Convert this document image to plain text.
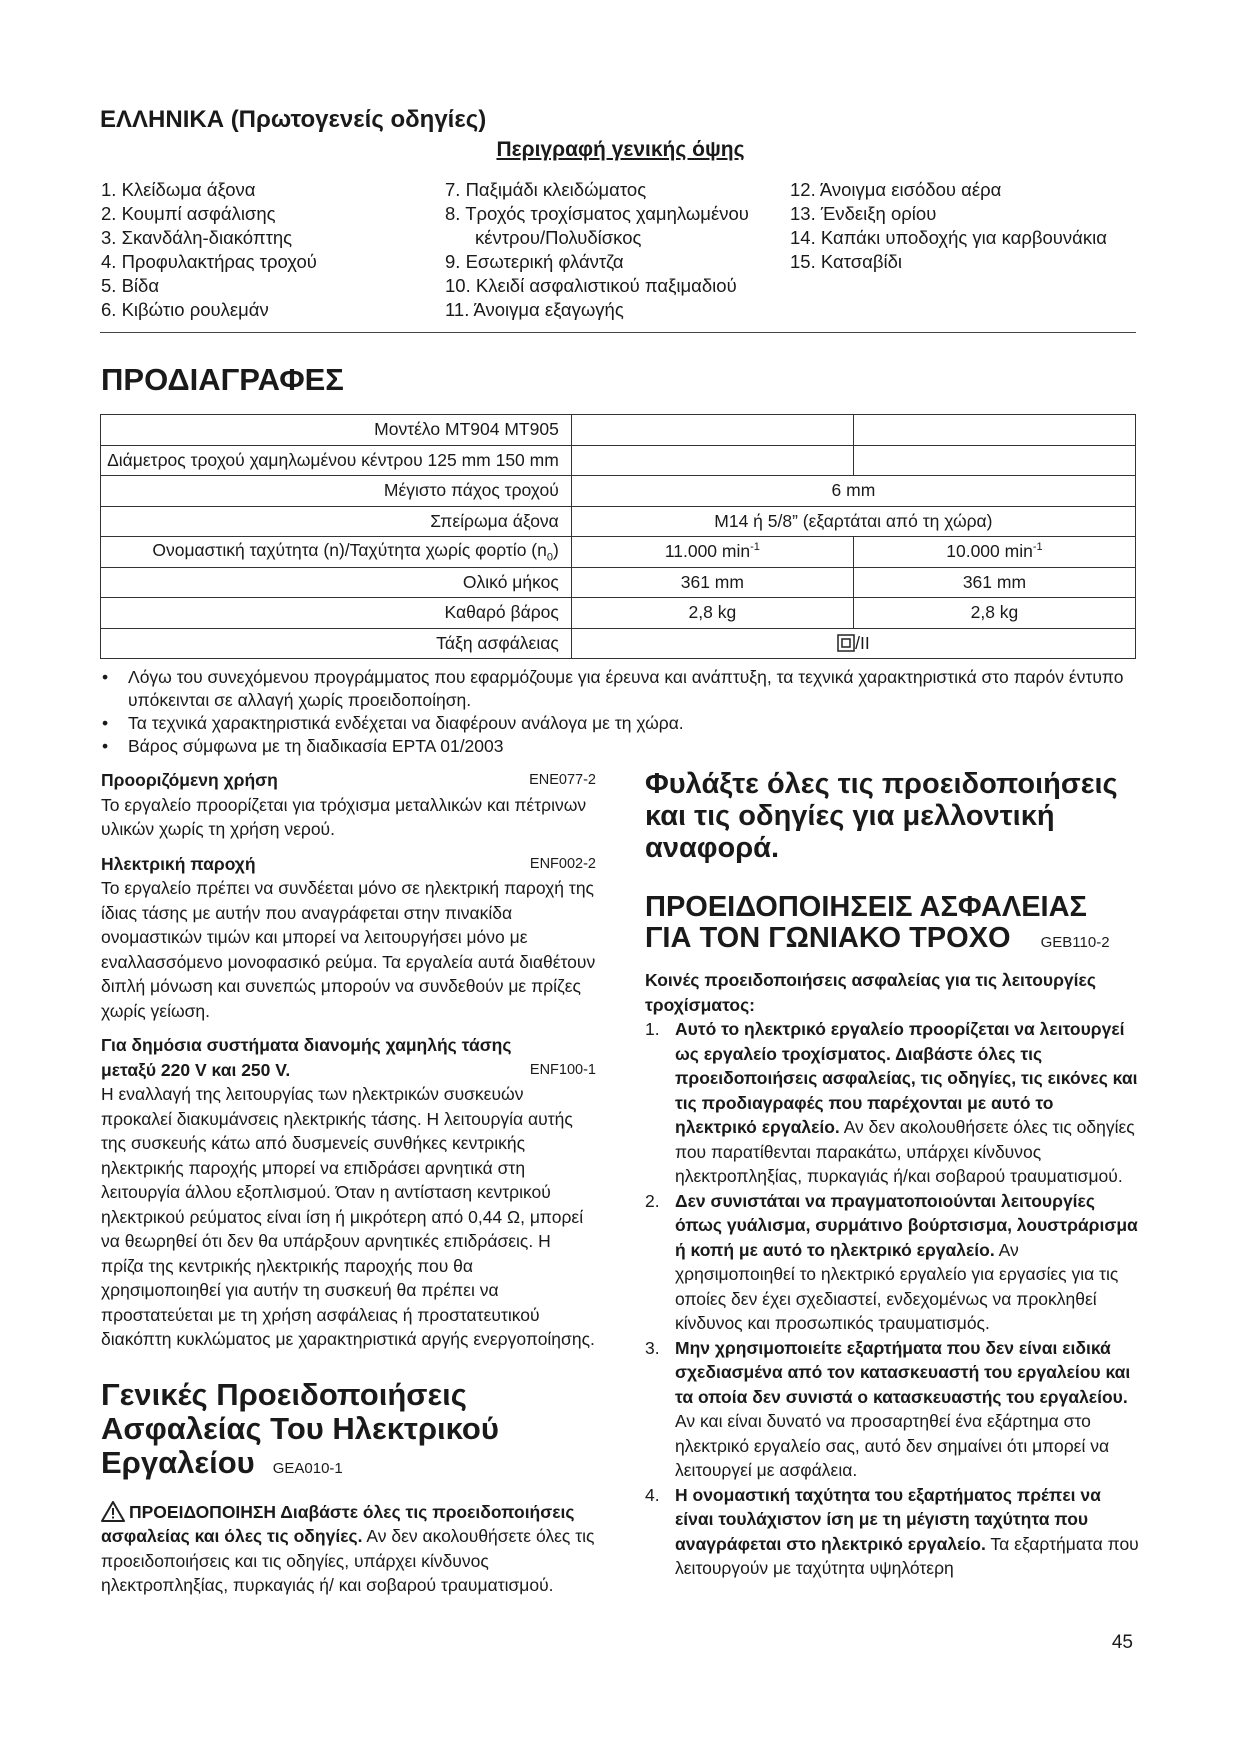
ΕΛΛΗΝΙΚΑ (Πρωτογενείς οδηγίες)
Περιγραφή γενικής όψης
1. Κλείδωμα άξονα
2. Κουμπί ασφάλισης
3. Σκανδάλη-διακόπτης
4. Προφυλακτήρας τροχού
5. Βίδα
6. Κιβώτιο ρουλεμάν
7. Παξιμάδι κλειδώματος
8. Τροχός τροχίσματος χαμηλωμένου
κέντρου/Πολυδίσκος
9. Εσωτερική φλάντζα
10. Κλειδί ασφαλιστικού παξιμαδιού
11. Άνοιγμα εξαγωγής
12. Άνοιγμα εισόδου αέρα
13. Ένδειξη ορίου
14. Καπάκι υποδοχής για καρβουνάκια
15. Κατσαβίδι
ΠΡΟΔΙΑΓΡΑΦΕΣ
Μοντέλο MT904 MT905		
Διάμετρος τροχού χαμηλωμένου κέντρου 125 mm 150 mm		
Μέγιστο πάχος τροχού	6 mm	
Σπείρωμα άξονα	M14 ή 5/8” (εξαρτάται από τη χώρα)	
Ονομαστική ταχύτητα (n)/Ταχύτητα χωρίς φορτίο $(n_0)$	11.000 $\min^{-1}$	10.000 $\min^{-1}$
Ολικό μήκος	361 mm	361 mm
Καθαρό βάρος	2,8 kg	2,8 kg
Τάξη ασφάλειας	/II	
• Λόγω του συνεχόμενου προγράμματος που εφαρμόζουμε για έρευνα και ανάπτυξη, τα τεχνικά χαρακτηριστικά στο παρόν έντυπο υπόκεινται σε αλλαγή χωρίς προειδοποίηση.
• Τα τεχνικά χαρακτηριστικά ενδέχεται να διαφέρουν ανάλογα με τη χώρα.
• Βάρος σύμφωνα με τη διαδικασία EPTA 01/2003
Προοριζόμενη χρήση	ENE077-2
Το εργαλείο προορίζεται για τρόχισμα μεταλλικών και πέτρινων υλικών χωρίς τη χρήση νερού.
Ηλεκτρική παροχή	ENF002-2
Το εργαλείο πρέπει να συνδέεται μόνο σε ηλεκτρική παροχή της ίδιας τάσης με αυτήν που αναγράφεται στην πινακίδα ονομαστικών τιμών και μπορεί να λειτουργήσει μόνο με εναλλασσόμενο μονοφασικό ρεύμα. Τα εργαλεία αυτά διαθέτουν διπλή μόνωση και συνεπώς μπορούν να συνδεθούν με πρίζες χωρίς γείωση.
Για δημόσια συστήματα διανομής χαμηλής τάσης
μεταξύ 220 V και 250 V.	ENF100-1
Η εναλλαγή της λειτουργίας των ηλεκτρικών συσκευών προκαλεί διακυμάνσεις ηλεκτρικής τάσης. Η λειτουργία αυτής της συσκευής κάτω από δυσμενείς συνθήκες κεντρικής ηλεκτρικής παροχής μπορεί να επιδράσει αρνητικά στη λειτουργία άλλου εξοπλισμού. Όταν η αντίσταση κεντρικού ηλεκτρικού ρεύματος είναι ίση ή μικρότερη από 0,44 Ω, μπορεί να θεωρηθεί ότι δεν θα υπάρξουν αρνητικές επιδράσεις. Η πρίζα της κεντρικής ηλεκτρικής παροχής που θα χρησιμοποιηθεί για αυτήν τη συσκευή θα πρέπει να προστατεύεται με τη χρήση ασφάλειας ή προστατευτικού διακόπτη κυκλώματος με χαρακτηριστικά αργής ενεργοποίησης.
Γενικές Προειδοποιήσεις
Ασφαλείας Του Ηλεκτρικού
Εργαλείου GEA010-1
ΠΡΟΕΙΔΟΠΟΙΗΣΗ Διαβάστε όλες τις προειδοποιήσεις ασφαλείας και όλες τις οδηγίες. Αν δεν ακολουθήσετε όλες τις προειδοποιήσεις και τις οδηγίες, υπάρχει κίνδυνος ηλεκτροπληξίας, πυρκαγιάς ή/ και σοβαρού τραυματισμού.
Φυλάξτε όλες τις προειδοποιήσεις και τις οδηγίες για μελλοντική αναφορά.
ΠΡΟΕΙΔΟΠΟΙΗΣΕΙΣ ΑΣΦΑΛΕΙΑΣ
ΓΙΑ ΤΟΝ ΓΩΝΙΑΚΟ ΤΡΟΧΟ GEB110-2
Κοινές προειδοποιήσεις ασφαλείας για τις λειτουργίες τροχίσματος:
1. Αυτό το ηλεκτρικό εργαλείο προορίζεται να λειτουργεί ως εργαλείο τροχίσματος. Διαβάστε όλες τις προειδοποιήσεις ασφαλείας, τις οδηγίες, τις εικόνες και τις προδιαγραφές που παρέχονται με αυτό το ηλεκτρικό εργαλείο. Αν δεν ακολουθήσετε όλες τις οδηγίες που παρατίθενται παρακάτω, υπάρχει κίνδυνος ηλεκτροπληξίας, πυρκαγιάς ή/και σοβαρού τραυματισμού.
2. Δεν συνιστάται να πραγματοποιούνται λειτουργίες όπως γυάλισμα, συρμάτινο βούρτσισμα, λουστράρισμα ή κοπή με αυτό το ηλεκτρικό εργαλείο. Αν χρησιμοποιηθεί το ηλεκτρικό εργαλείο για εργασίες για τις οποίες δεν έχει σχεδιαστεί, ενδεχομένως να προκληθεί κίνδυνος και προσωπικός τραυματισμός.
3. Μην χρησιμοποιείτε εξαρτήματα που δεν είναι ειδικά σχεδιασμένα από τον κατασκευαστή του εργαλείου και τα οποία δεν συνιστά ο κατασκευαστής του εργαλείου. Αν και είναι δυνατό να προσαρτηθεί ένα εξάρτημα στο ηλεκτρικό εργαλείο σας, αυτό δεν σημαίνει ότι μπορεί να λειτουργεί με ασφάλεια.
4. Η ονομαστική ταχύτητα του εξαρτήματος πρέπει να είναι τουλάχιστον ίση με τη μέγιστη ταχύτητα που αναγράφεται στο ηλεκτρικό εργαλείο. Τα εξαρτήματα που λειτουργούν με ταχύτητα υψηλότερη
45
